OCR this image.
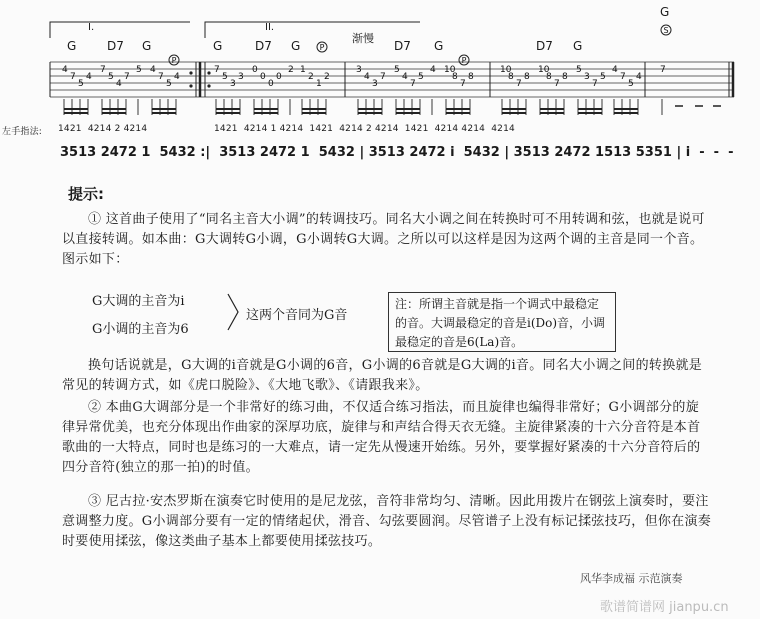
4
7
5
4
7
5
4
7
5 4
7
5
4
7
5
3
3
0
0
0
0
2 1
2
1
2
3
4
3
7
5
4
7
5
4 10
8
7
8
10
8
7
8
10
8
7
8
5
3
7
5
4
7
5
4
7
P
P
P
S
I.	II.
渐慢
G	D7 G	G	D7 G	D7 G	D7 G
G
左手指法: 1421  4214 2 4214	1421  4214 1 4214  1421  4214 2 4214  1421  4214 4214  4214
3513 2472 1  5432 :|  3513 2472 1  5432 | 3513 2472 i  5432 | 3513 2472 1513 5351 | i  -  -  -
提示:
① 这首曲子使用了“同名主音大小调”的转调技巧。同名大小调之间在转换时可不用转调和弦，也就是说可以直接转调。如本曲：G大调转G小调，G小调转G大调。之所以可以这样是因为这两个调的主音是同一个音。图示如下：
G大调的主音为i
G小调的主音为6
这两个音同为G音
注：所谓主音就是指一个调式中最稳定的音。大调最稳定的音是i(Do)音，小调最稳定的音是6(La)音。
换句话说就是，G大调的i音就是G小调的6音，G小调的6音就是G大调的i音。同名大小调之间的转换就是常见的转调方式，如《虎口脱险》、《大地飞歌》、《请跟我来》。
② 本曲G大调部分是一个非常好的练习曲，不仅适合练习指法，而且旋律也编得非常好；G小调部分的旋律异常优美，也充分体现出作曲家的深厚功底，旋律与和声结合得天衣无缝。主旋律紧凑的十六分音符是本首歌曲的一大特点，同时也是练习的一大难点，请一定先从慢速开始练。另外，要掌握好紧凑的十六分音符后的四分音符(独立的那一拍)的时值。
③ 尼古拉·安杰罗斯在演奏它时使用的是尼龙弦，音符非常均匀、清晰。因此用拨片在钢弦上演奏时，要注意调整力度。G小调部分要有一定的情绪起伏，滑音、勾弦要圆润。尽管谱子上没有标记揉弦技巧，但你在演奏时要使用揉弦，像这类曲子基本上都要使用揉弦技巧。
风华李成福 示范演奏
歌谱简谱网 jianpu.cn
